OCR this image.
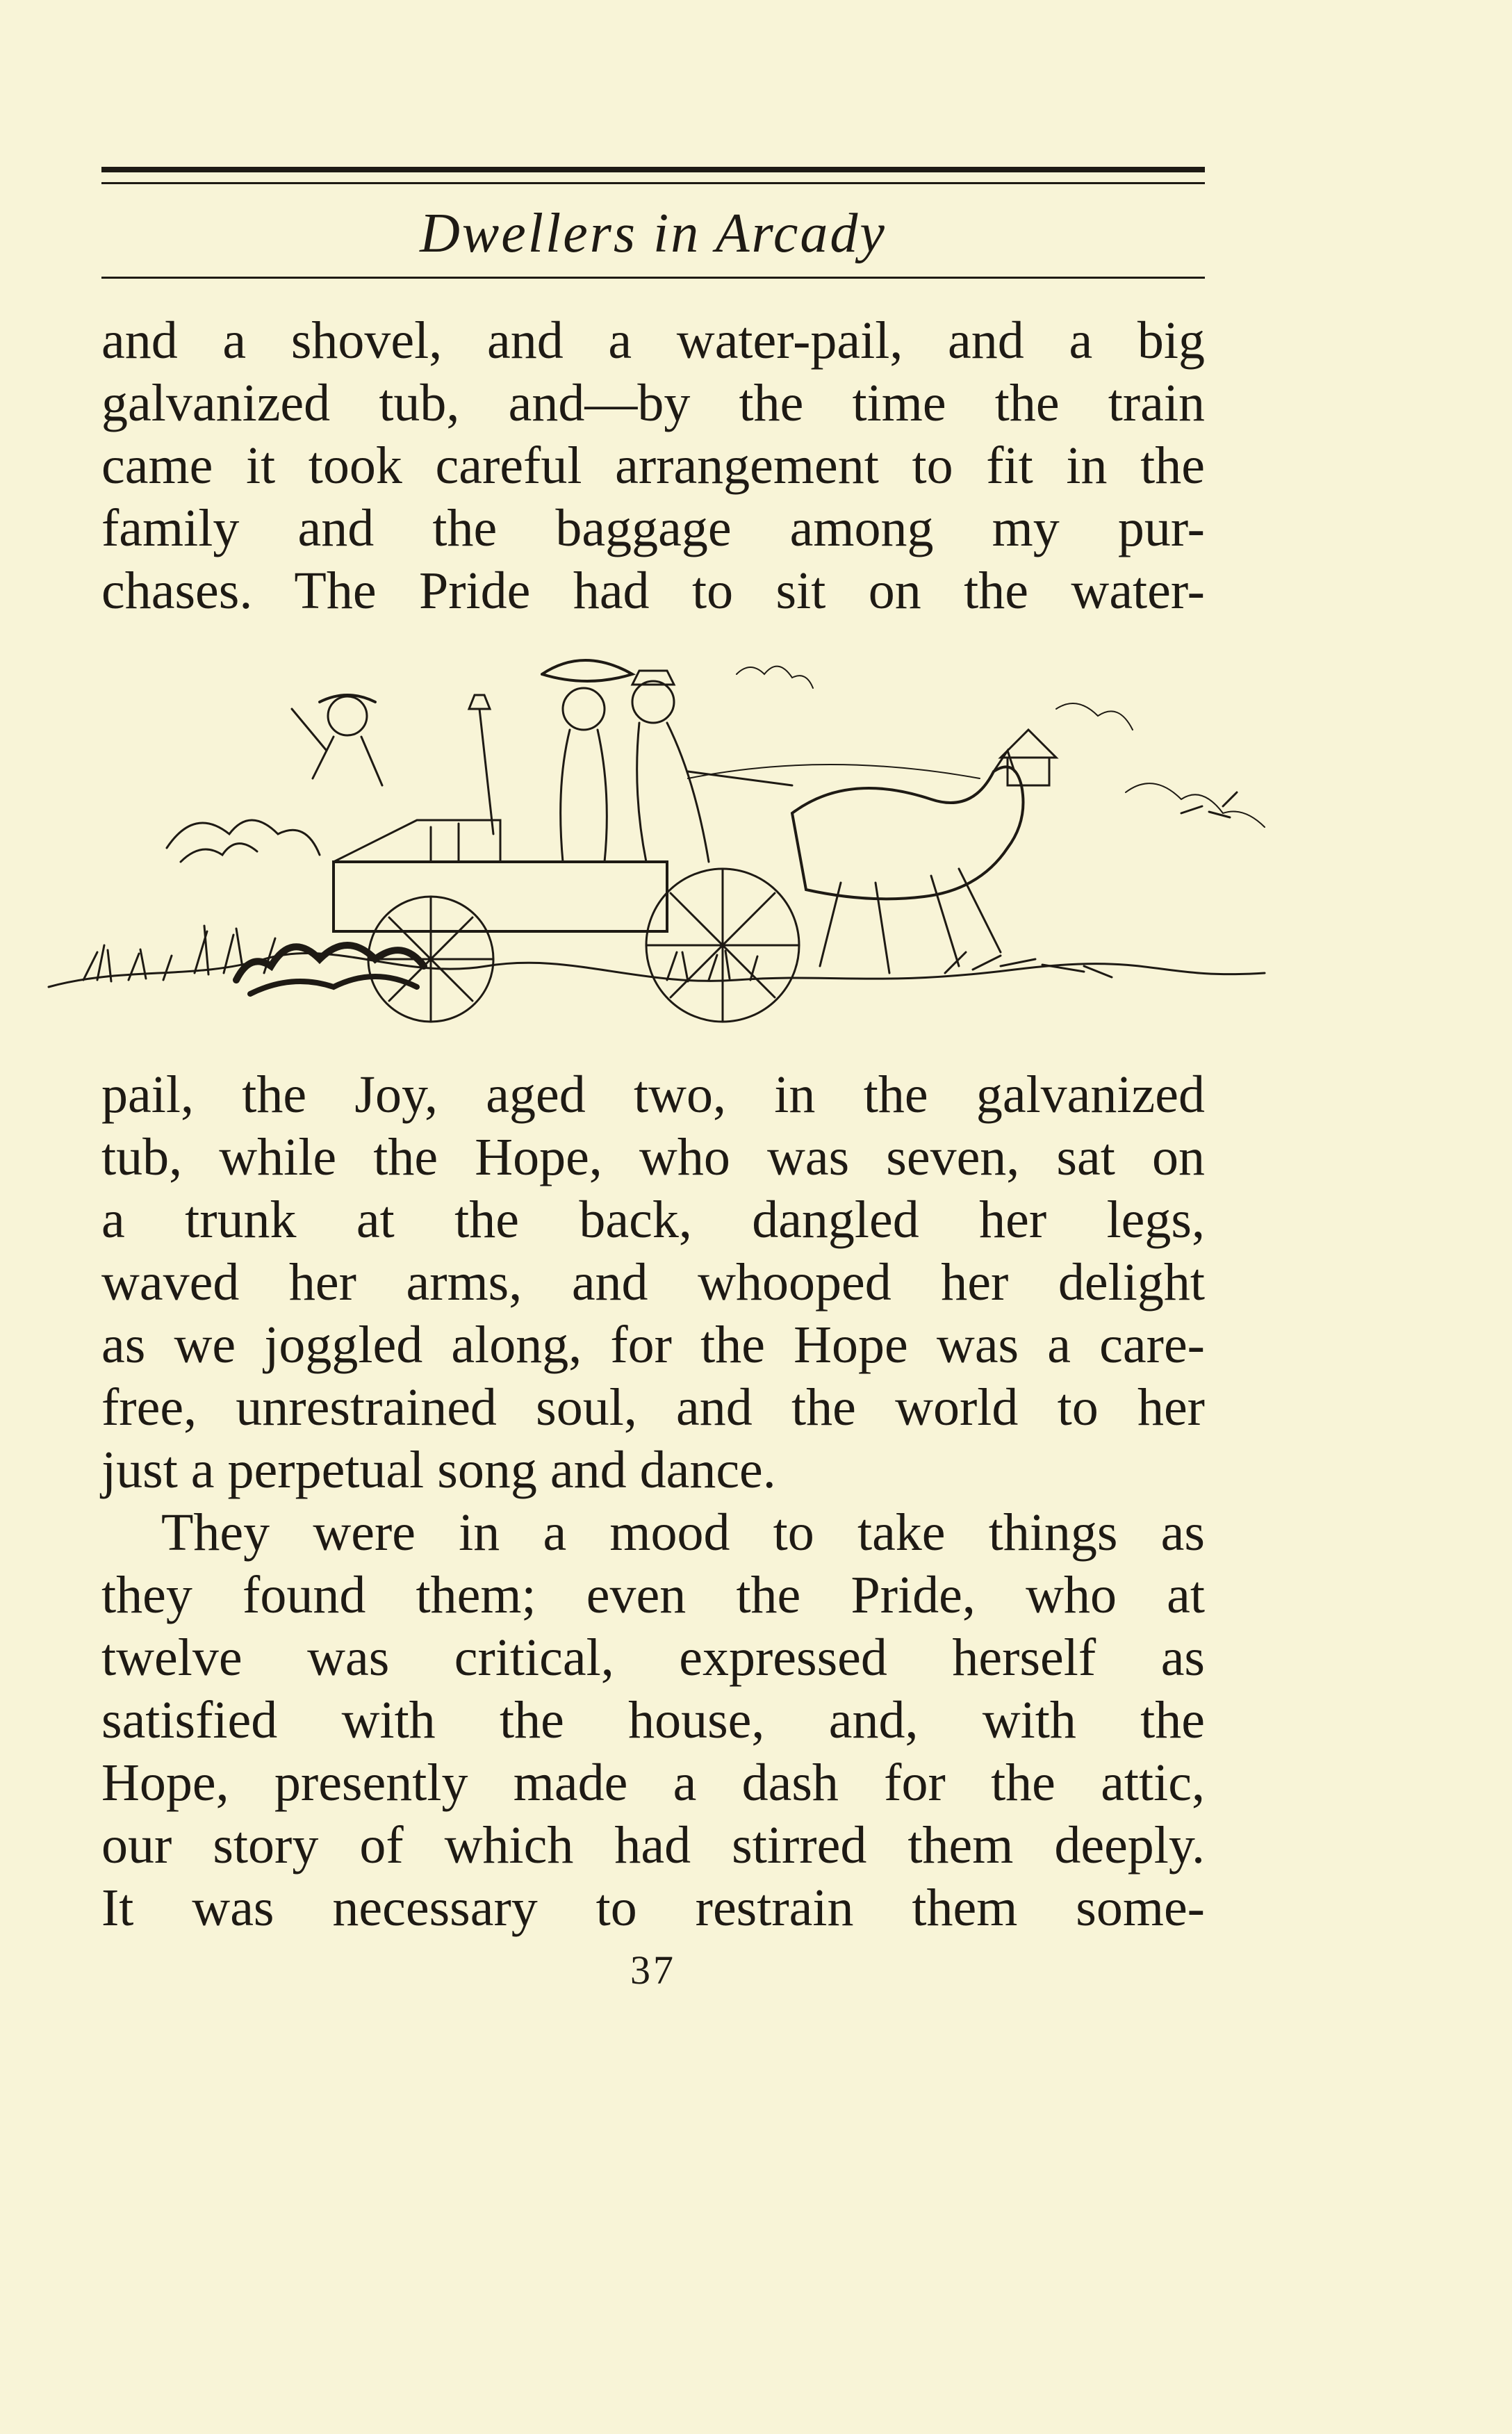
Dwellers in Arcady

and a shovel, and a water-pail, and a big

galvanized tub, and—by the time the train

came it took careful arrangement to fit in the

family and the baggage among my pur-

chases. The Pride had to sit on the water-

pail, the Joy, aged two, in the galvanized

tub, while the Hope, who was seven, sat on

a trunk at the back, dangled her legs,

waved her arms, and whooped her delight

as we joggled along, for the Hope was a care-

free, unrestrained soul, and the world to her

just a perpetual song and dance.

They were in a mood to take things as

they found them; even the Pride, who at

twelve was critical, expressed herself as

satisfied with the house, and, with the

Hope, presently made a dash for the attic,

our story of which had stirred them deeply.

It was necessary to restrain them some-

37
